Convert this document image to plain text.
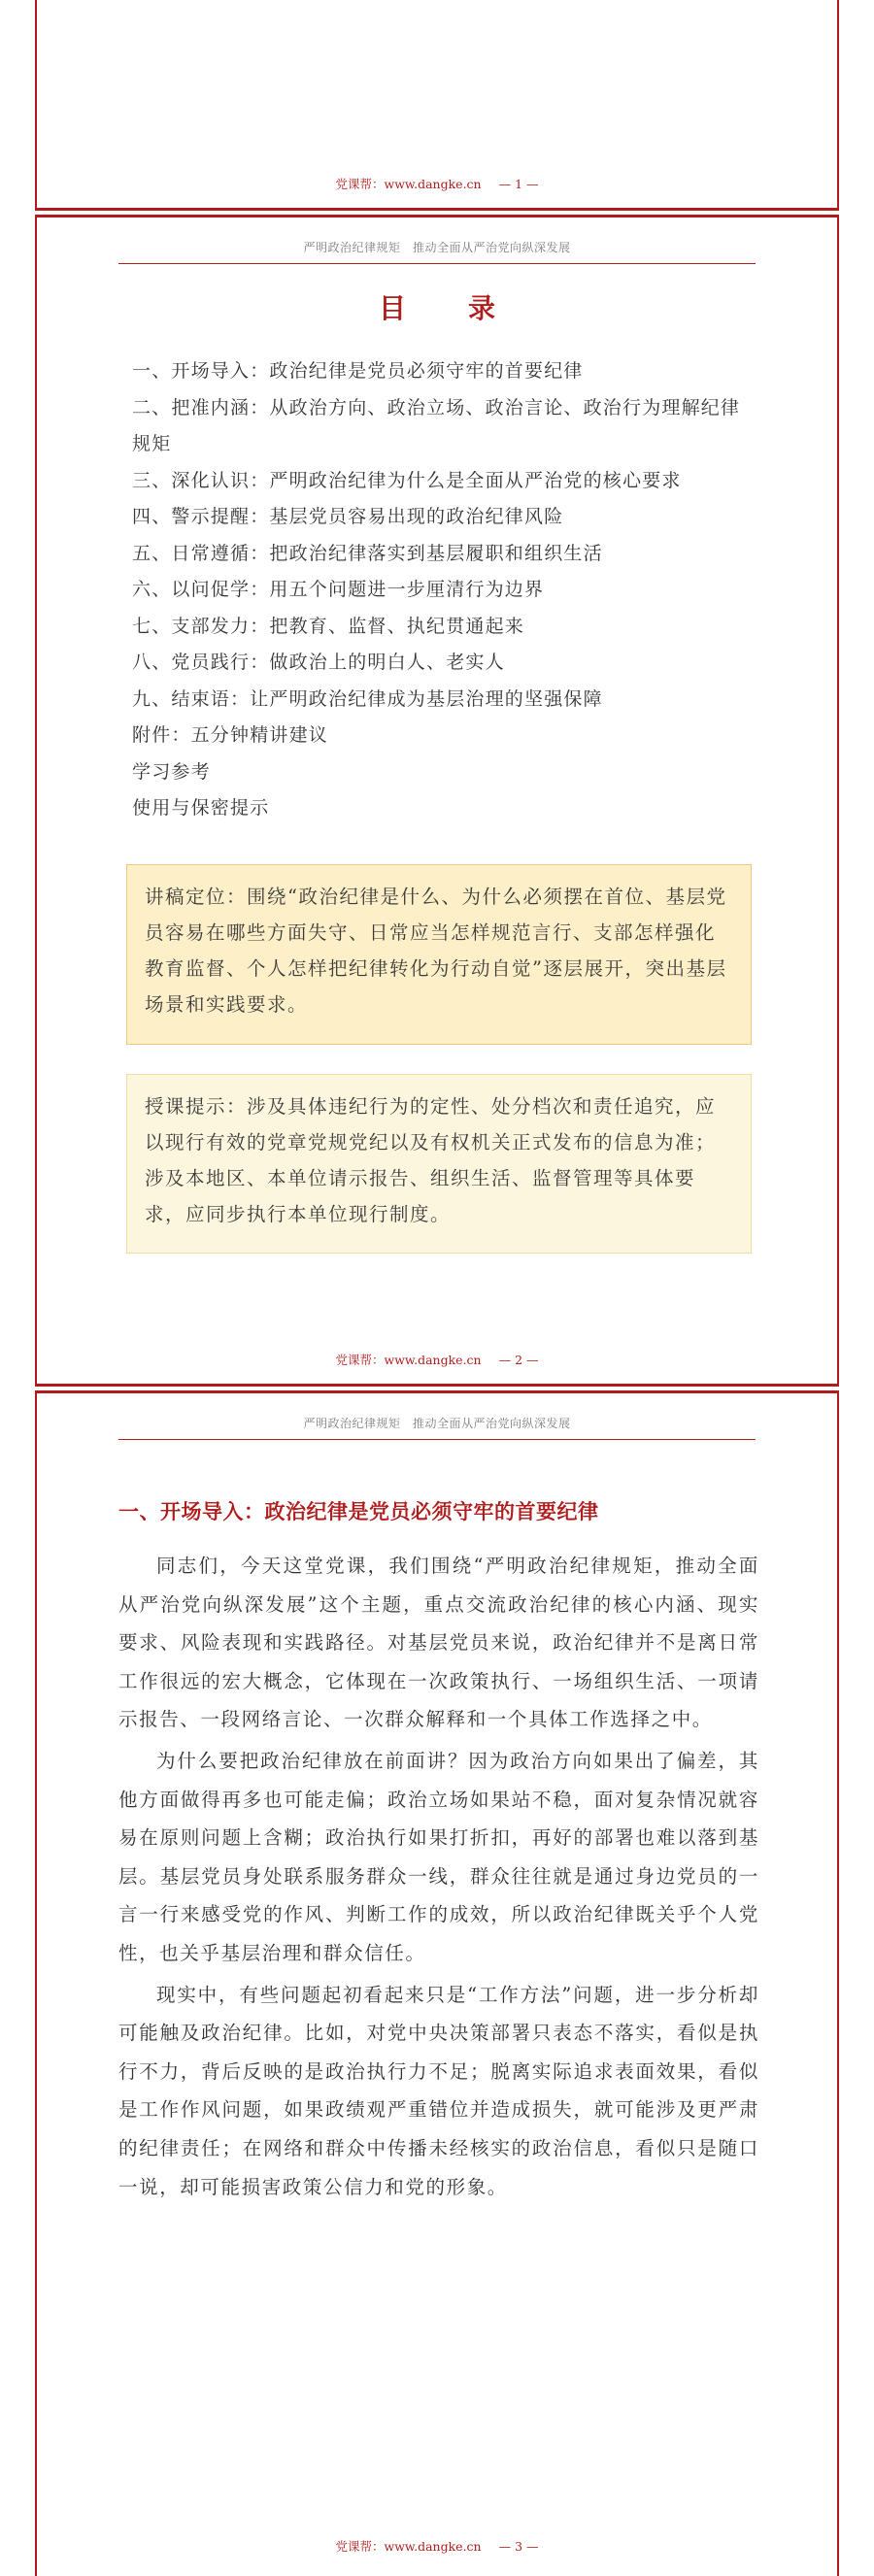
党课帮：www.dangke.cn — 1 —
严明政治纪律规矩　推动全面从严治党向纵深发展
目　录
一、开场导入：政治纪律是党员必须守牢的首要纪律
二、把准内涵：从政治方向、政治立场、政治言论、政治行为理解纪律规矩
三、深化认识：严明政治纪律为什么是全面从严治党的核心要求
四、警示提醒：基层党员容易出现的政治纪律风险
五、日常遵循：把政治纪律落实到基层履职和组织生活
六、以问促学：用五个问题进一步厘清行为边界
七、支部发力：把教育、监督、执纪贯通起来
八、党员践行：做政治上的明白人、老实人
九、结束语：让严明政治纪律成为基层治理的坚强保障
附件：五分钟精讲建议
学习参考
使用与保密提示
讲稿定位：围绕“政治纪律是什么、为什么必须摆在首位、基层党员容易在哪些方面失守、日常应当怎样规范言行、支部怎样强化教育监督、个人怎样把纪律转化为行动自觉”逐层展开，突出基层场景和实践要求。
授课提示：涉及具体违纪行为的定性、处分档次和责任追究，应以现行有效的党章党规党纪以及有权机关正式发布的信息为准；涉及本地区、本单位请示报告、组织生活、监督管理等具体要求，应同步执行本单位现行制度。
党课帮：www.dangke.cn — 2 —
严明政治纪律规矩　推动全面从严治党向纵深发展
一、开场导入：政治纪律是党员必须守牢的首要纪律

同志们，今天这堂党课，我们围绕“严明政治纪律规矩，推动全面从严治党向纵深发展”这个主题，重点交流政治纪律的核心内涵、现实要求、风险表现和实践路径。对基层党员来说，政治纪律并不是离日常工作很远的宏大概念，它体现在一次政策执行、一场组织生活、一项请示报告、一段网络言论、一次群众解释和一个具体工作选择之中。

为什么要把政治纪律放在前面讲？因为政治方向如果出了偏差，其他方面做得再多也可能走偏；政治立场如果站不稳，面对复杂情况就容易在原则问题上含糊；政治执行如果打折扣，再好的部署也难以落到基层。基层党员身处联系服务群众一线，群众往往就是通过身边党员的一言一行来感受党的作风、判断工作的成效，所以政治纪律既关乎个人党性，也关乎基层治理和群众信任。

现实中，有些问题起初看起来只是“工作方法”问题，进一步分析却可能触及政治纪律。比如，对党中央决策部署只表态不落实，看似是执行不力，背后反映的是政治执行力不足；脱离实际追求表面效果，看似是工作作风问题，如果政绩观严重错位并造成损失，就可能涉及更严肃的纪律责任；在网络和群众中传播未经核实的政治信息，看似只是随口一说，却可能损害政策公信力和党的形象。

党课帮：www.dangke.cn — 3 —
